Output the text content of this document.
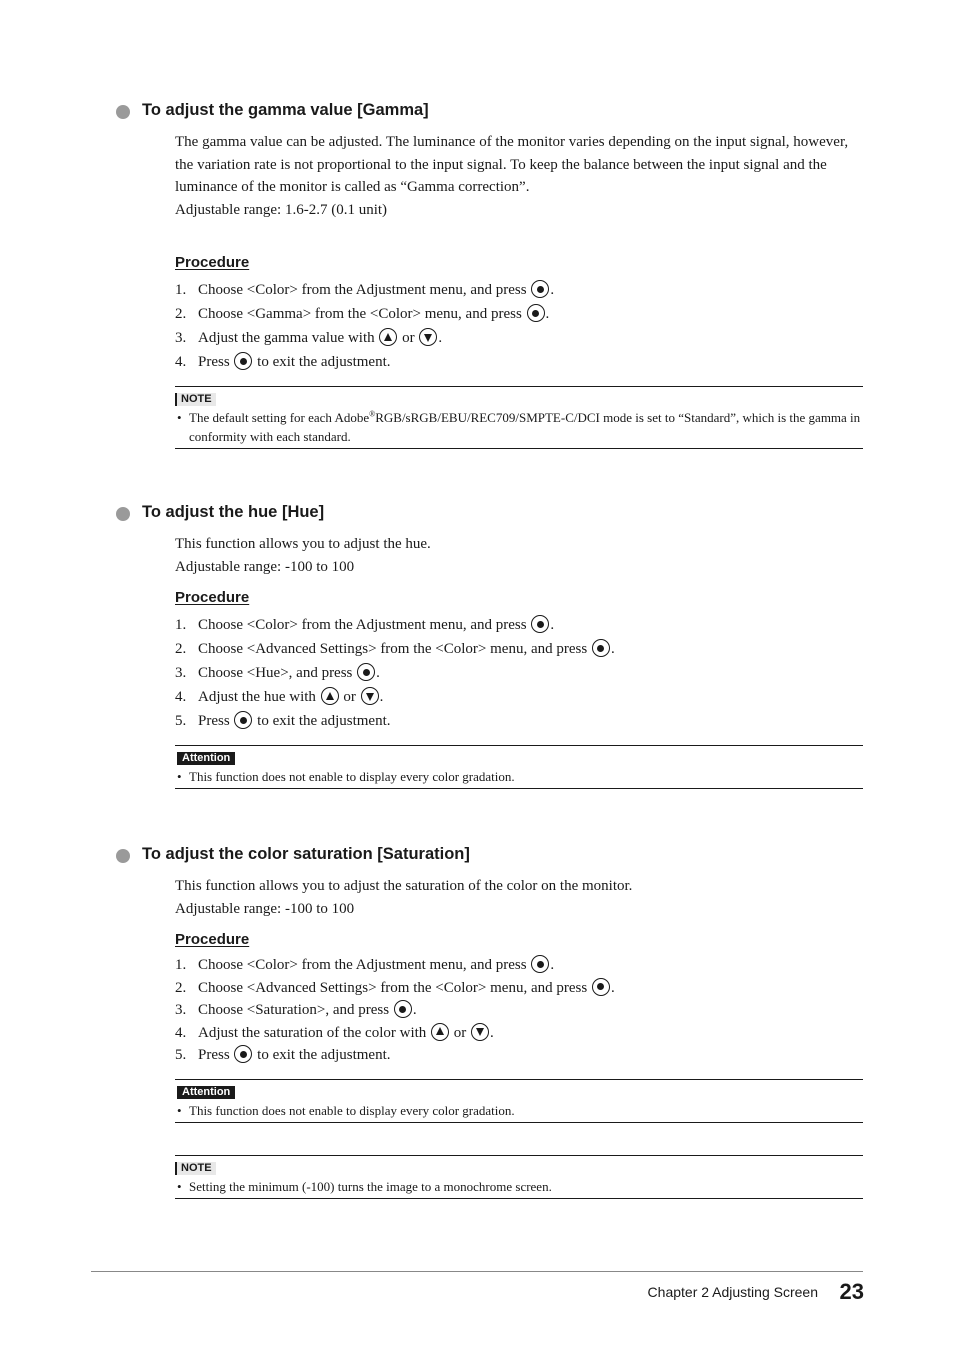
To adjust the gamma value [Gamma]

The gamma value can be adjusted. The luminance of the monitor varies depending on the input signal, however, the variation rate is not proportional to the input signal. To keep the balance between the input signal and the luminance of the monitor is called as “Gamma correction”.

Adjustable range: 1.6-2.7 (0.1 unit)

Procedure

1. Choose <Color> from the Adjustment menu, and press .
2. Choose <Gamma> from the <Color> menu, and press .
3. Adjust the gamma value with or .
4. Press to exit the adjustment.
NOTE

• The default setting for each Adobe®RGB/sRGB/EBU/REC709/SMPTE-C/DCI mode is set to “Standard”, which is the gamma in conformity with each standard.

To adjust the hue [Hue]

This function allows you to adjust the hue.

Adjustable range: -100 to 100

Procedure

1. Choose <Color> from the Adjustment menu, and press .
2. Choose <Advanced Settings> from the <Color> menu, and press .
3. Choose <Hue>, and press .
4. Adjust the hue with or .
5. Press to exit the adjustment.
Attention

• This function does not enable to display every color gradation.

To adjust the color saturation [Saturation]

This function allows you to adjust the saturation of the color on the monitor.

Adjustable range: -100 to 100

Procedure

1. Choose <Color> from the Adjustment menu, and press .
2. Choose <Advanced Settings> from the <Color> menu, and press .
3. Choose <Saturation>, and press .
4. Adjust the saturation of the color with or .
5. Press to exit the adjustment.
Attention

• This function does not enable to display every color gradation.

NOTE

• Setting the minimum (-100) turns the image to a monochrome screen.

Chapter 2 Adjusting Screen 23
